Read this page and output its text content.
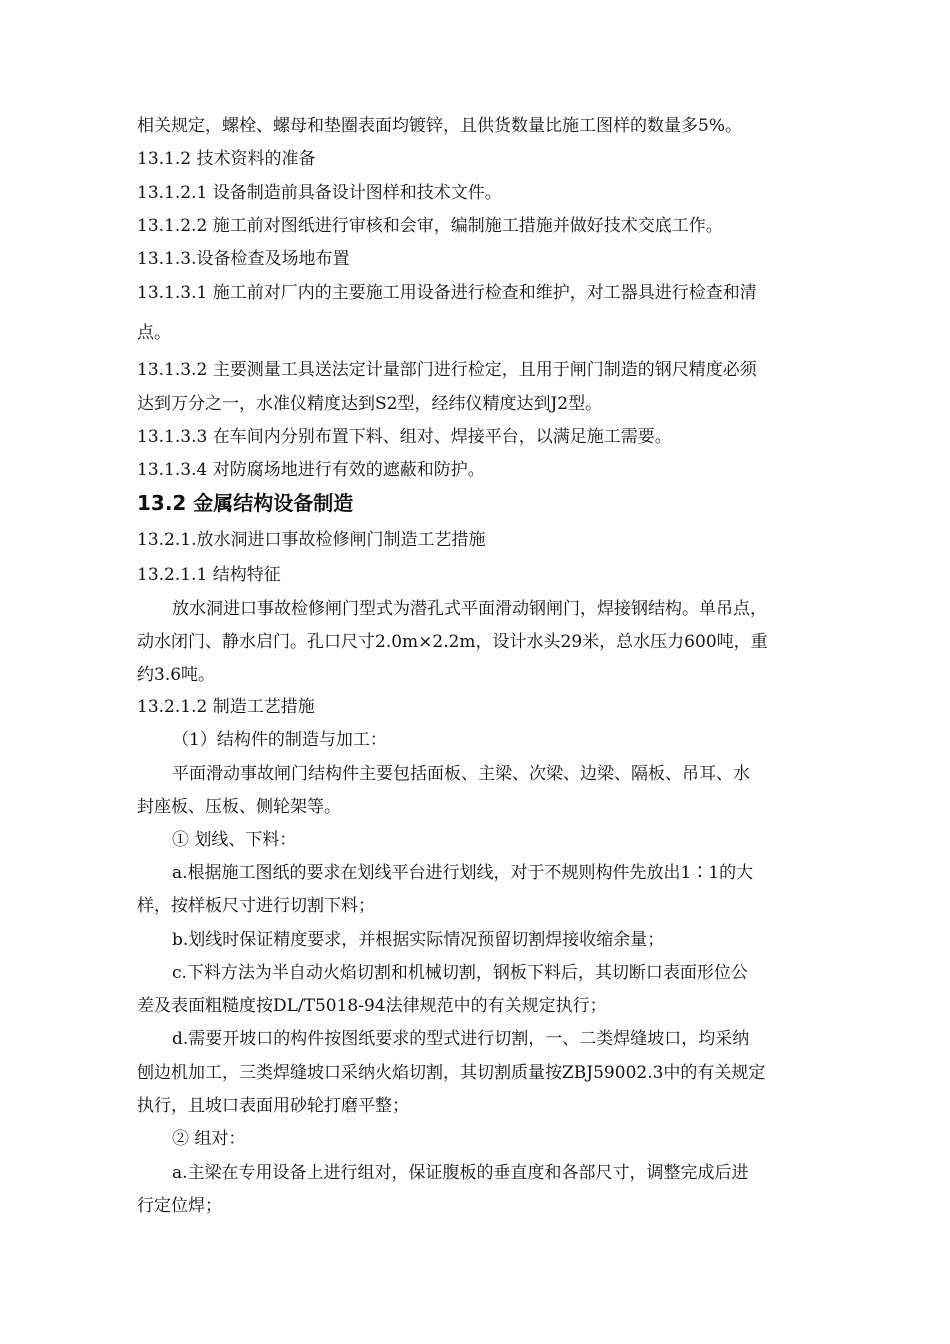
相关规定，螺栓、螺母和垫圈表面均镀锌，且供货数量比施工图样的数量多5%。
13.1.2 技术资料的准备
13.1.2.1 设备制造前具备设计图样和技术文件。
13.1.2.2 施工前对图纸进行审核和会审，编制施工措施并做好技术交底工作。
13.1.3.设备检查及场地布置
13.1.3.1 施工前对厂内的主要施工用设备进行检查和维护，对工器具进行检查和清
点。
13.1.3.2 主要测量工具送法定计量部门进行检定，且用于闸门制造的钢尺精度必须
达到万分之一，水准仪精度达到S2型，经纬仪精度达到J2型。
13.1.3.3 在车间内分别布置下料、组对、焊接平台，以满足施工需要。
13.1.3.4 对防腐场地进行有效的遮蔽和防护。
13.2 金属结构设备制造
13.2.1.放水洞进口事故检修闸门制造工艺措施
13.2.1.1 结构特征
放水洞进口事故检修闸门型式为潜孔式平面滑动钢闸门，焊接钢结构。单吊点，
动水闭门、静水启门。孔口尺寸2.0m×2.2m，设计水头29米，总水压力600吨，重
约3.6吨。
13.2.1.2 制造工艺措施
（1）结构件的制造与加工：
平面滑动事故闸门结构件主要包括面板、主梁、次梁、边梁、隔板、吊耳、水
封座板、压板、侧轮架等。
① 划线、下料：
a.根据施工图纸的要求在划线平台进行划线，对于不规则构件先放出1∶1的大
样，按样板尺寸进行切割下料；
b.划线时保证精度要求，并根据实际情况预留切割焊接收缩余量；
c.下料方法为半自动火焰切割和机械切割，钢板下料后，其切断口表面形位公
差及表面粗糙度按DL/T5018-94法律规范中的有关规定执行；
d.需要开坡口的构件按图纸要求的型式进行切割，一、二类焊缝坡口，均采纳
刨边机加工，三类焊缝坡口采纳火焰切割，其切割质量按ZBJ59002.3中的有关规定
执行，且坡口表面用砂轮打磨平整；
② 组对：
a.主梁在专用设备上进行组对，保证腹板的垂直度和各部尺寸，调整完成后进
行定位焊；
